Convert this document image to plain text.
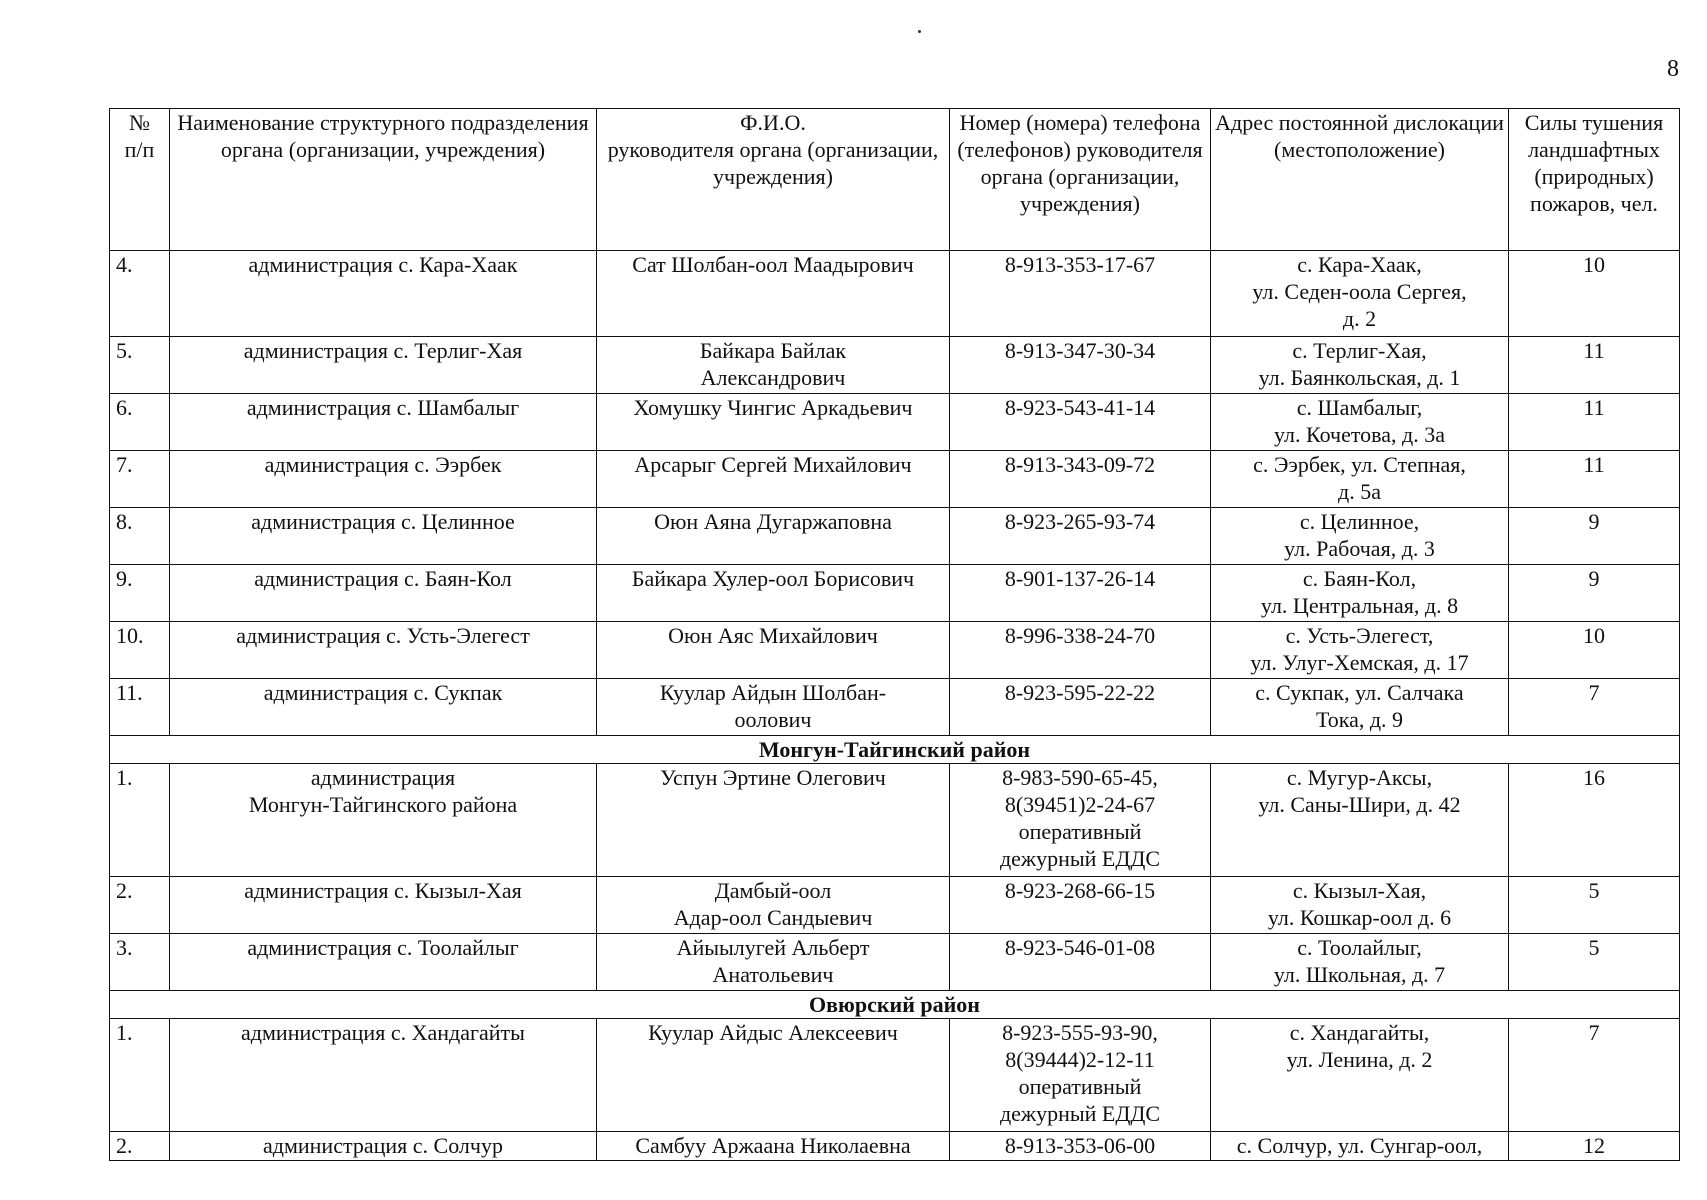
8
№
п/п	Наименование структурного подразделения органа (организации, учреждения)	Ф.И.О.
руководителя органа (организации, учреждения)	Номер (номера) телефона (телефонов) руководителя органа (организации, учреждения)	Адрес постоянной дислокации
(местоположение)	Силы тушения ландшафтных (природных) пожаров, чел.
4.	администрация с. Кара-Хаак	Сат Шолбан-оол Маадырович	8-913-353-17-67	с. Кара-Хаак,
ул. Седен-оола Сергея,
д. 2	10
5.	администрация с. Терлиг-Хая	Байкара Байлак
Александрович	8-913-347-30-34	с. Терлиг-Хая,
ул. Баянкольская, д. 1	11
6.	администрация с. Шамбалыг	Хомушку Чингис Аркадьевич	8-923-543-41-14	с. Шамбалыг,
ул. Кочетова, д. 3а	11
7.	администрация с. Ээрбек	Арсарыг Сергей Михайлович	8-913-343-09-72	с. Ээрбек, ул. Степная,
д. 5а	11
8.	администрация с. Целинное	Оюн Аяна Дугаржаповна	8-923-265-93-74	с. Целинное,
ул. Рабочая, д. 3	9
9.	администрация с. Баян-Кол	Байкара Хулер-оол Борисович	8-901-137-26-14	с. Баян-Кол,
ул. Центральная, д. 8	9
10.	администрация с. Усть-Элегест	Оюн Аяс Михайлович	8-996-338-24-70	с. Усть-Элегест,
ул. Улуг-Хемская, д. 17	10
11.	администрация с. Сукпак	Куулар Айдын Шолбан-
оолович	8-923-595-22-22	с. Сукпак, ул. Салчака
Тока, д. 9	7
Монгун-Тайгинский район					
1.	администрация
Монгун-Тайгинского района	Успун Эртине Олегович	8-983-590-65-45,
8(39451)2-24-67
оперативный
дежурный ЕДДС	с. Мугур-Аксы,
ул. Саны-Шири, д. 42	16
2.	администрация с. Кызыл-Хая	Дамбый-оол
Адар-оол Сандыевич	8-923-268-66-15	с. Кызыл-Хая,
ул. Кошкар-оол д. 6	5
3.	администрация с. Тоолайлыг	Айыылугей Альберт
Анатольевич	8-923-546-01-08	с. Тоолайлыг,
ул. Школьная, д. 7	5
Овюрский район					
1.	администрация с. Хандагайты	Куулар Айдыс Алексеевич	8-923-555-93-90,
8(39444)2-12-11
оперативный
дежурный ЕДДС	с. Хандагайты,
ул. Ленина, д. 2	7
2.	администрация с. Солчур	Самбуу Аржаана Николаевна	8-913-353-06-00	с. Солчур, ул. Сунгар-оол,	12
